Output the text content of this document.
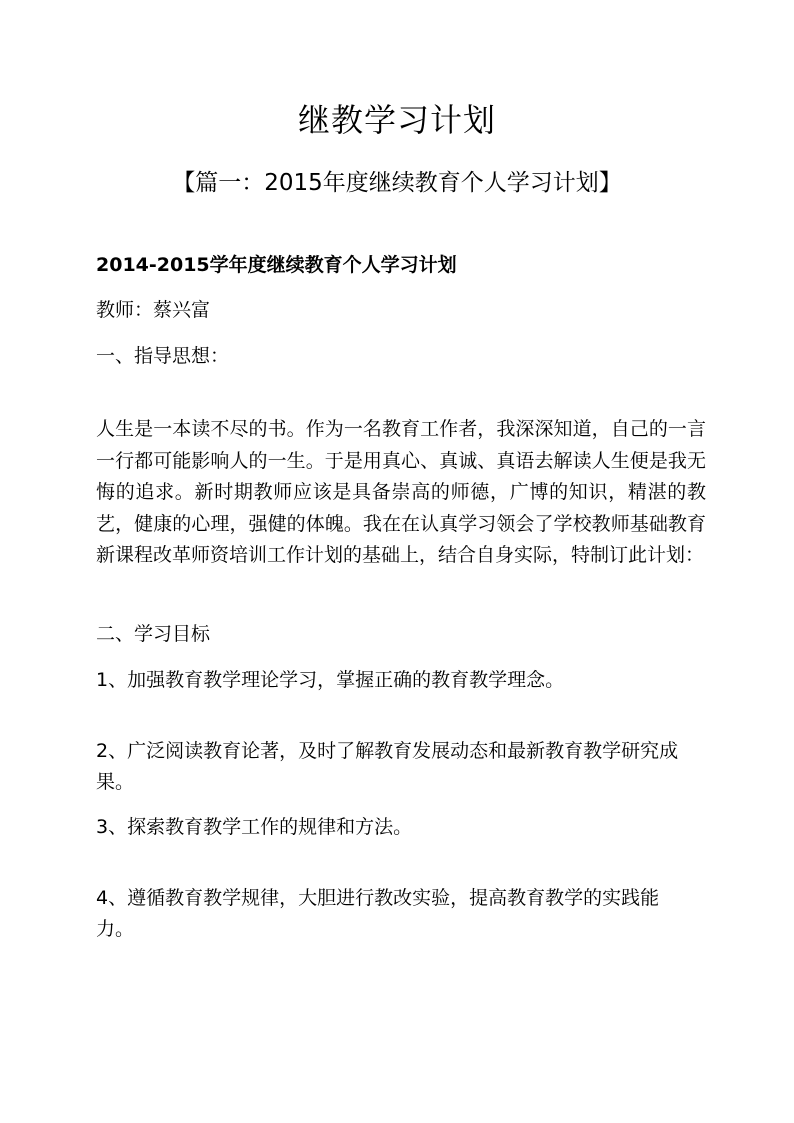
继教学习计划
【篇一：2015年度继续教育个人学习计划】
2014-2015学年度继续教育个人学习计划
教师：蔡兴富
一、指导思想：
人生是一本读不尽的书。作为一名教育工作者，我深深知道，自己的一言一行都可能影响人的一生。于是用真心、真诚、真语去解读人生便是我无悔的追求。新时期教师应该是具备崇高的师德，广博的知识，精湛的教艺，健康的心理，强健的体魄。我在在认真学习领会了学校教师基础教育新课程改革师资培训工作计划的基础上，结合自身实际，特制订此计划：
二、学习目标
1、加强教育教学理论学习，掌握正确的教育教学理念。
2、广泛阅读教育论著，及时了解教育发展动态和最新教育教学研究成果。
3、探索教育教学工作的规律和方法。
4、遵循教育教学规律，大胆进行教改实验，提高教育教学的实践能力。
